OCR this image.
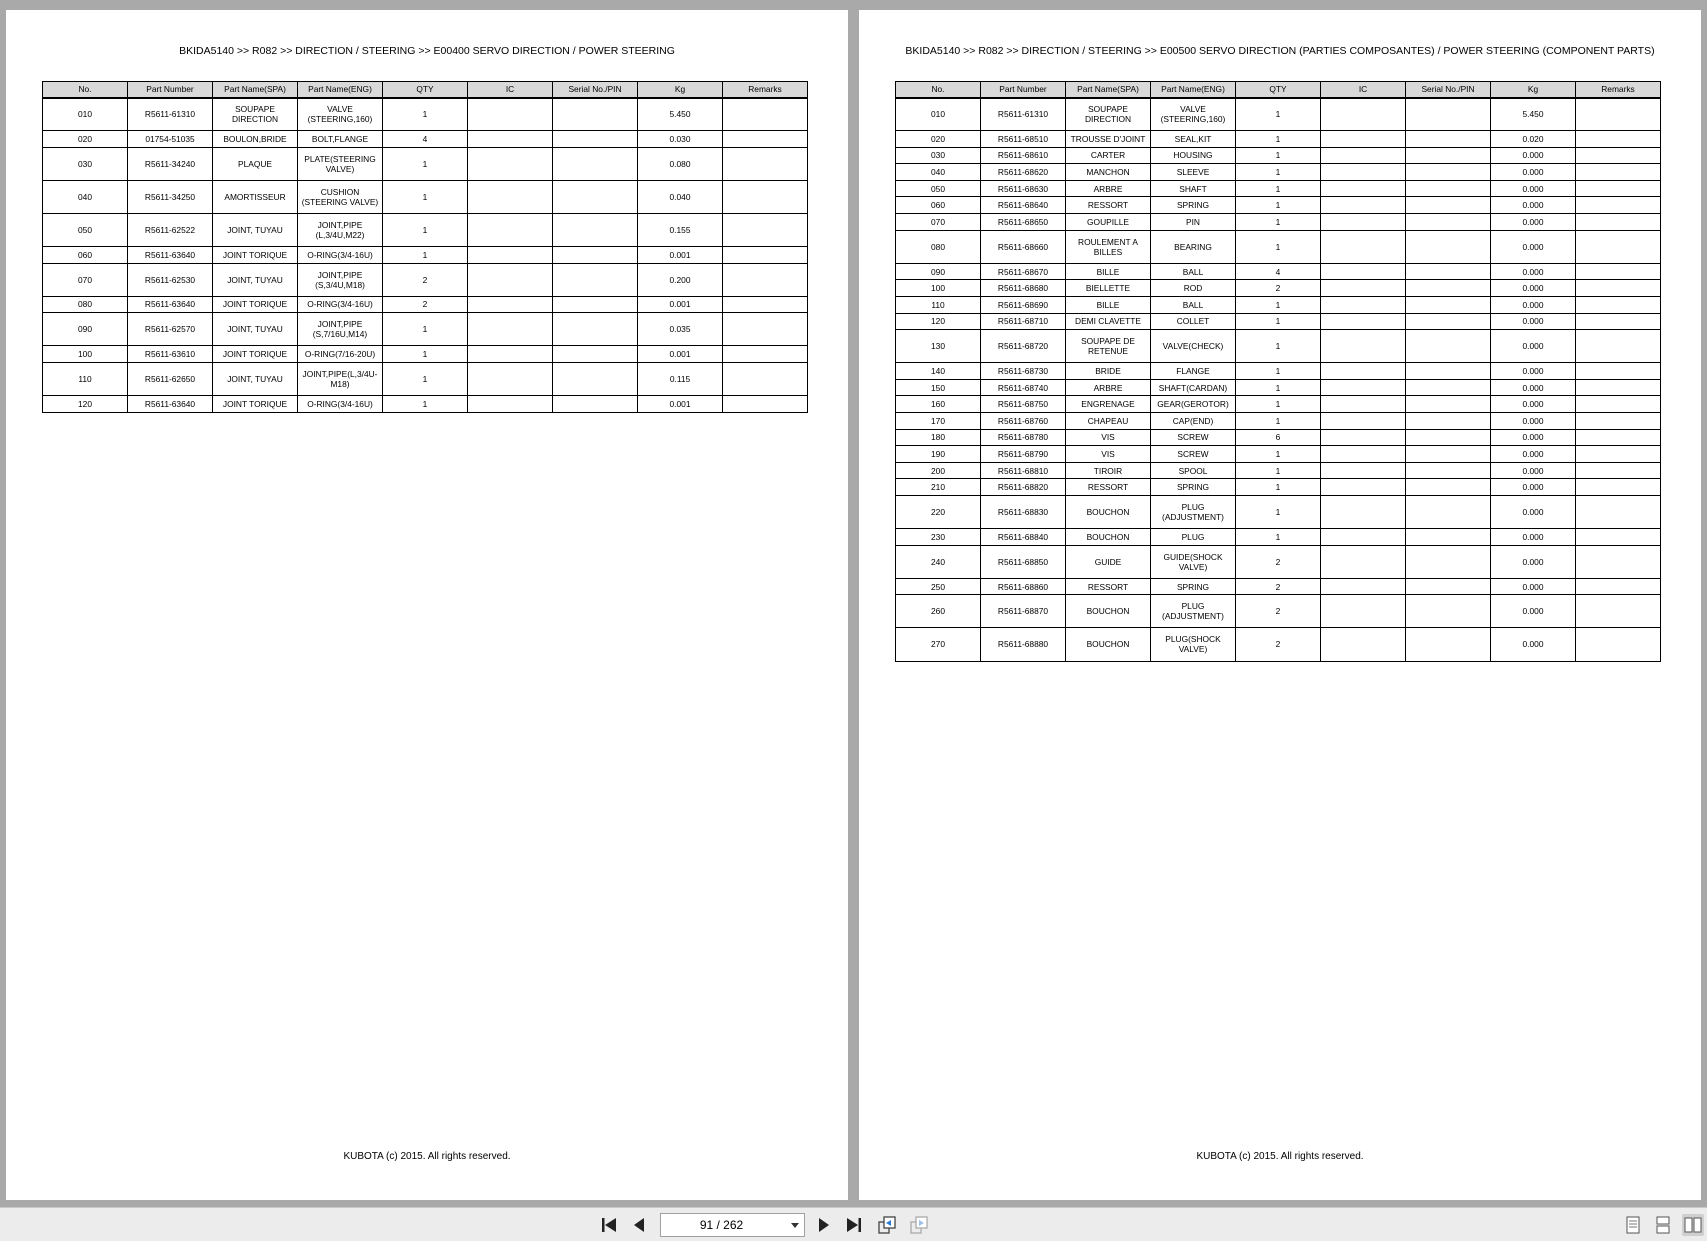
BKIDA5140 >> R082 >> DIRECTION / STEERING >> E00400 SERVO DIRECTION / POWER STEERING
No.	Part Number	Part Name(SPA)	Part Name(ENG)	QTY	IC	Serial No./PIN	Kg	Remarks
010	R5611-61310	SOUPAPE DIRECTION	VALVE (STEERING,160)	1			5.450	
020	01754-51035	BOULON,BRIDE	BOLT,FLANGE	4			0.030	
030	R5611-34240	PLAQUE	PLATE(STEERING VALVE)	1			0.080	
040	R5611-34250	AMORTISSEUR	CUSHION (STEERING VALVE)	1			0.040	
050	R5611-62522	JOINT, TUYAU	JOINT,PIPE (L,3/4U,M22)	1			0.155	
060	R5611-63640	JOINT TORIQUE	O-RING(3/4-16U)	1			0.001	
070	R5611-62530	JOINT, TUYAU	JOINT,PIPE (S,3/4U,M18)	2			0.200	
080	R5611-63640	JOINT TORIQUE	O-RING(3/4-16U)	2			0.001	
090	R5611-62570	JOINT, TUYAU	JOINT,PIPE (S,7/16U,M14)	1			0.035	
100	R5611-63610	JOINT TORIQUE	O-RING(7/16-20U)	1			0.001	
110	R5611-62650	JOINT, TUYAU	JOINT,PIPE(L,3/4U-M18)	1			0.115	
120	R5611-63640	JOINT TORIQUE	O-RING(3/4-16U)	1			0.001	
KUBOTA (c) 2015. All rights reserved.
BKIDA5140 >> R082 >> DIRECTION / STEERING >> E00500 SERVO DIRECTION (PARTIES COMPOSANTES) / POWER STEERING (COMPONENT PARTS)
No.	Part Number	Part Name(SPA)	Part Name(ENG)	QTY	IC	Serial No./PIN	Kg	Remarks
010	R5611-61310	SOUPAPE DIRECTION	VALVE (STEERING,160)	1			5.450	
020	R5611-68510	TROUSSE D'JOINT	SEAL,KIT	1			0.020	
030	R5611-68610	CARTER	HOUSING	1			0.000	
040	R5611-68620	MANCHON	SLEEVE	1			0.000	
050	R5611-68630	ARBRE	SHAFT	1			0.000	
060	R5611-68640	RESSORT	SPRING	1			0.000	
070	R5611-68650	GOUPILLE	PIN	1			0.000	
080	R5611-68660	ROULEMENT A BILLES	BEARING	1			0.000	
090	R5611-68670	BILLE	BALL	4			0.000	
100	R5611-68680	BIELLETTE	ROD	2			0.000	
110	R5611-68690	BILLE	BALL	1			0.000	
120	R5611-68710	DEMI CLAVETTE	COLLET	1			0.000	
130	R5611-68720	SOUPAPE DE RETENUE	VALVE(CHECK)	1			0.000	
140	R5611-68730	BRIDE	FLANGE	1			0.000	
150	R5611-68740	ARBRE	SHAFT(CARDAN)	1			0.000	
160	R5611-68750	ENGRENAGE	GEAR(GEROTOR)	1			0.000	
170	R5611-68760	CHAPEAU	CAP(END)	1			0.000	
180	R5611-68780	VIS	SCREW	6			0.000	
190	R5611-68790	VIS	SCREW	1			0.000	
200	R5611-68810	TIROIR	SPOOL	1			0.000	
210	R5611-68820	RESSORT	SPRING	1			0.000	
220	R5611-68830	BOUCHON	PLUG (ADJUSTMENT)	1			0.000	
230	R5611-68840	BOUCHON	PLUG	1			0.000	
240	R5611-68850	GUIDE	GUIDE(SHOCK VALVE)	2			0.000	
250	R5611-68860	RESSORT	SPRING	2			0.000	
260	R5611-68870	BOUCHON	PLUG (ADJUSTMENT)	2			0.000	
270	R5611-68880	BOUCHON	PLUG(SHOCK VALVE)	2			0.000	
KUBOTA (c) 2015. All rights reserved.
91 / 262
